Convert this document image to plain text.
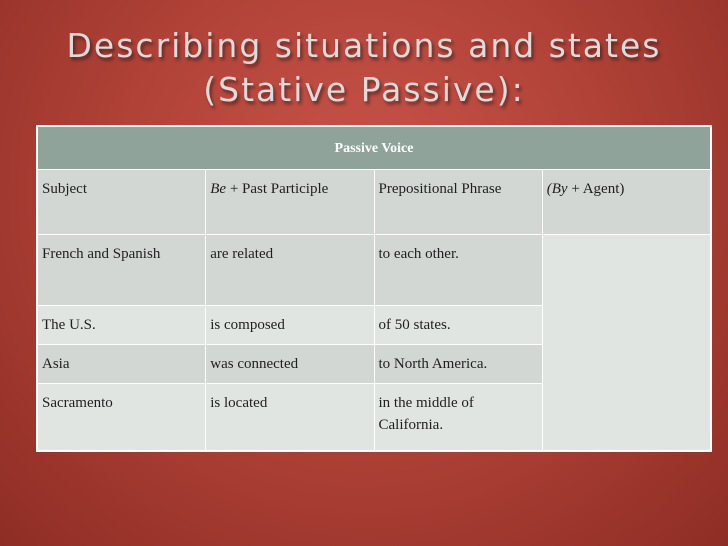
Describing situations and states
(Stative Passive):
Passive Voice			
Subject	Be + Past Participle	Prepositional Phrase	(By + Agent)
French and Spanish	are related	to each other.	
The U.S.	is composed	of 50 states.	
Asia	was connected	to North America.	
Sacramento	is located	in the middle of California.	
